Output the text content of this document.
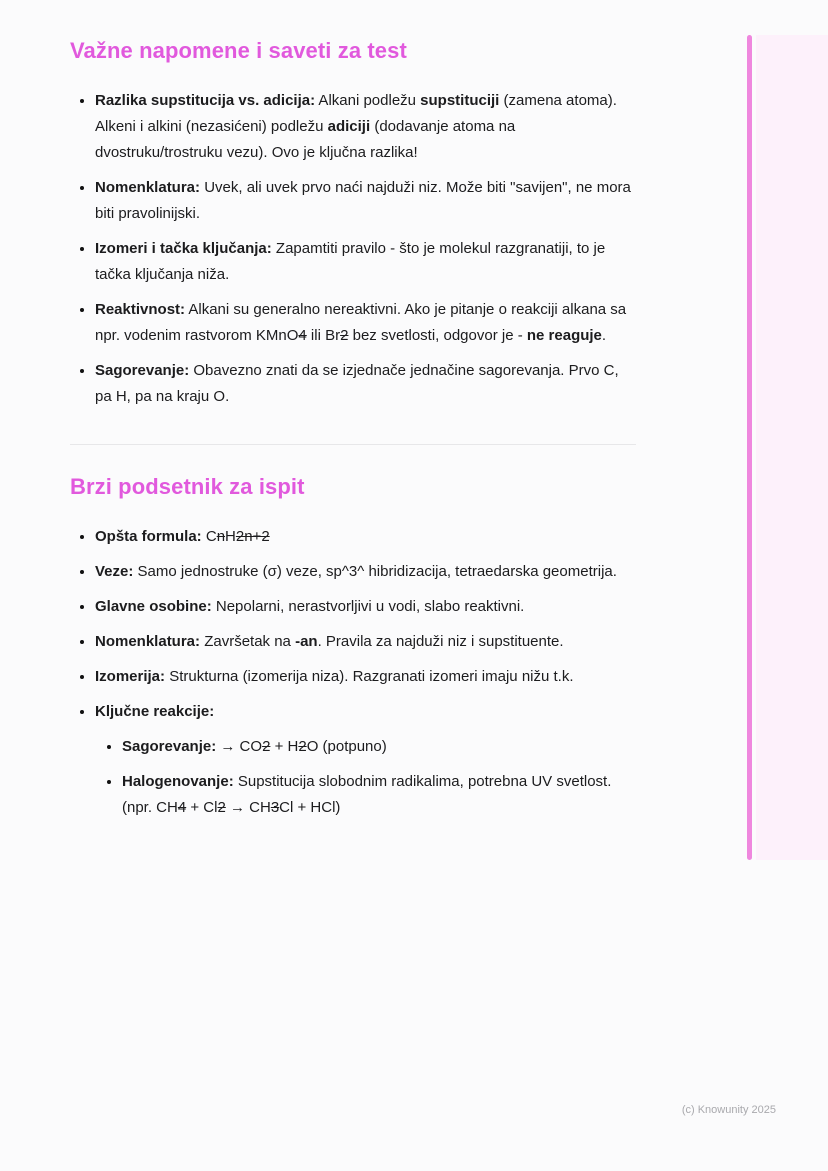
Važne napomene i saveti za test
• Razlika supstitucija vs. adicija: Alkani podležu supstituciji (zamena atoma). Alkeni i alkini (nezasićeni) podležu adiciji (dodavanje atoma na dvostruku/trostruku vezu). Ovo je ključna razlika!
• Nomenklatura: Uvek, ali uvek prvo naći najduži niz. Može biti "savijen", ne mora biti pravolinijski.
• Izomeri i tačka ključanja: Zapamtiti pravilo - što je molekul razgranatiji, to je tačka ključanja niža.
• Reaktivnost: Alkani su generalno nereaktivni. Ako je pitanje o reakciji alkana sa npr. vodenim rastvorom KMnO4 ili Br2 bez svetlosti, odgovor je - ne reaguje.
• Sagorevanje: Obavezno znati da se izjednače jednačine sagorevanja. Prvo C, pa H, pa na kraju O.
Brzi podsetnik za ispit
• Opšta formula: CnH2n+2
• Veze: Samo jednostruke (σ) veze, sp^3^ hibridizacija, tetraedarska geometrija.
• Glavne osobine: Nepolarni, nerastvorljivi u vodi, slabo reaktivni.
• Nomenklatura: Završetak na -an. Pravila za najduži niz i supstituente.
• Izomerija: Strukturna (izomerija niza). Razgranati izomeri imaju nižu t.k.
• Ključne reakcije:
• Sagorevanje: → CO2 + H2O (potpuno)
• Halogenovanje: Supstitucija slobodnim radikalima, potrebna UV svetlost. (npr. CH4 + Cl2 → CH3Cl + HCl)
(c) Knowunity 2025
